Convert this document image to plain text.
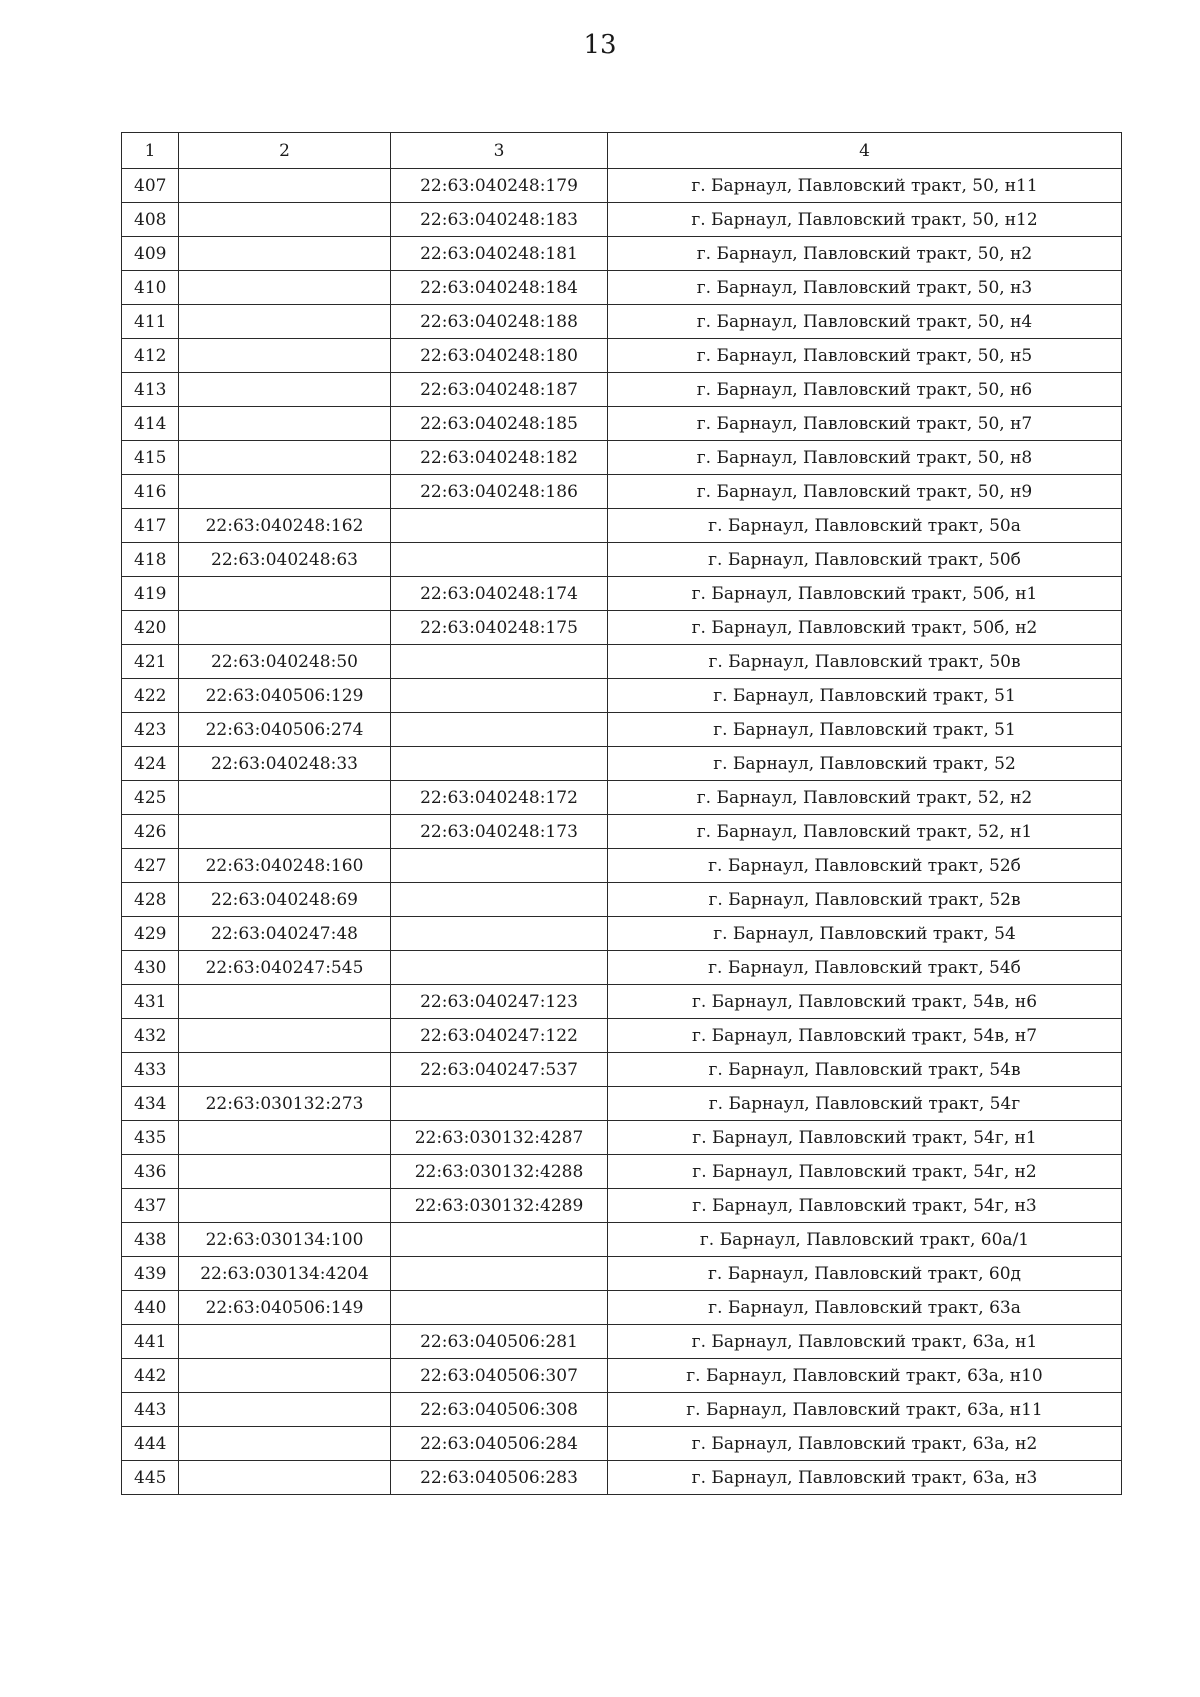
13
1	2	3	4
407		22:63:040248:179	г. Барнаул, Павловский тракт, 50, н11
408		22:63:040248:183	г. Барнаул, Павловский тракт, 50, н12
409		22:63:040248:181	г. Барнаул, Павловский тракт, 50, н2
410		22:63:040248:184	г. Барнаул, Павловский тракт, 50, н3
411		22:63:040248:188	г. Барнаул, Павловский тракт, 50, н4
412		22:63:040248:180	г. Барнаул, Павловский тракт, 50, н5
413		22:63:040248:187	г. Барнаул, Павловский тракт, 50, н6
414		22:63:040248:185	г. Барнаул, Павловский тракт, 50, н7
415		22:63:040248:182	г. Барнаул, Павловский тракт, 50, н8
416		22:63:040248:186	г. Барнаул, Павловский тракт, 50, н9
417	22:63:040248:162		г. Барнаул, Павловский тракт, 50а
418	22:63:040248:63		г. Барнаул, Павловский тракт, 50б
419		22:63:040248:174	г. Барнаул, Павловский тракт, 50б, н1
420		22:63:040248:175	г. Барнаул, Павловский тракт, 50б, н2
421	22:63:040248:50		г. Барнаул, Павловский тракт, 50в
422	22:63:040506:129		г. Барнаул, Павловский тракт, 51
423	22:63:040506:274		г. Барнаул, Павловский тракт, 51
424	22:63:040248:33		г. Барнаул, Павловский тракт, 52
425		22:63:040248:172	г. Барнаул, Павловский тракт, 52, н2
426		22:63:040248:173	г. Барнаул, Павловский тракт, 52, н1
427	22:63:040248:160		г. Барнаул, Павловский тракт, 52б
428	22:63:040248:69		г. Барнаул, Павловский тракт, 52в
429	22:63:040247:48		г. Барнаул, Павловский тракт, 54
430	22:63:040247:545		г. Барнаул, Павловский тракт, 54б
431		22:63:040247:123	г. Барнаул, Павловский тракт, 54в, н6
432		22:63:040247:122	г. Барнаул, Павловский тракт, 54в, н7
433		22:63:040247:537	г. Барнаул, Павловский тракт, 54в
434	22:63:030132:273		г. Барнаул, Павловский тракт, 54г
435		22:63:030132:4287	г. Барнаул, Павловский тракт, 54г, н1
436		22:63:030132:4288	г. Барнаул, Павловский тракт, 54г, н2
437		22:63:030132:4289	г. Барнаул, Павловский тракт, 54г, н3
438	22:63:030134:100		г. Барнаул, Павловский тракт, 60а/1
439	22:63:030134:4204		г. Барнаул, Павловский тракт, 60д
440	22:63:040506:149		г. Барнаул, Павловский тракт, 63а
441		22:63:040506:281	г. Барнаул, Павловский тракт, 63а, н1
442		22:63:040506:307	г. Барнаул, Павловский тракт, 63а, н10
443		22:63:040506:308	г. Барнаул, Павловский тракт, 63а, н11
444		22:63:040506:284	г. Барнаул, Павловский тракт, 63а, н2
445		22:63:040506:283	г. Барнаул, Павловский тракт, 63а, н3
